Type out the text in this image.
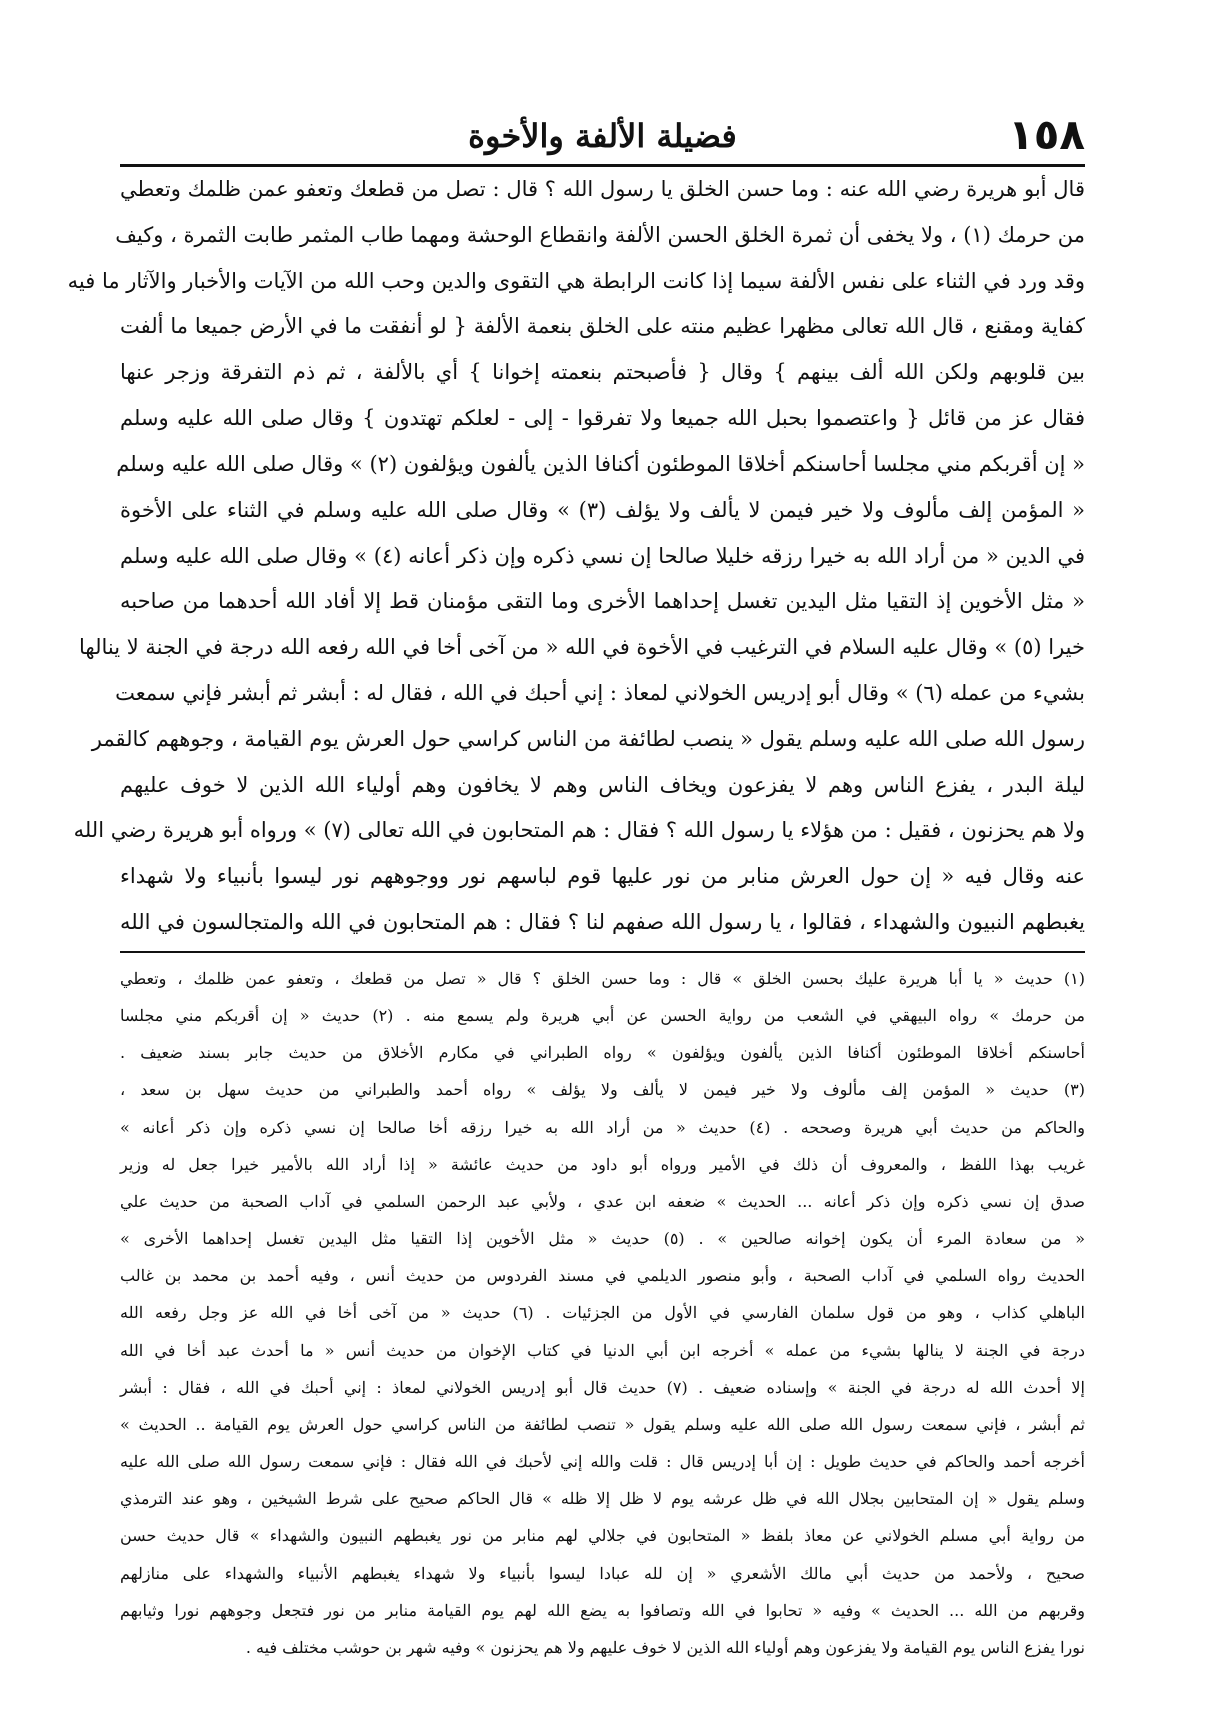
١٥٨
فضيلة الألفة والأخوة
قال أبو هريرة رضي الله عنه : وما حسن الخلق يا رسول الله ؟ قال : تصل من قطعك وتعفو عمن ظلمك وتعطي
من حرمك (١) ، ولا يخفى أن ثمرة الخلق الحسن الألفة وانقطاع الوحشة ومهما طاب المثمر طابت الثمرة ، وكيف
وقد ورد في الثناء على نفس الألفة سيما إذا كانت الرابطة هي التقوى والدين وحب الله من الآيات والأخبار والآثار ما فيه
كفاية ومقنع ، قال الله تعالى مظهرا عظيم منته على الخلق بنعمة الألفة { لو أنفقت ما في الأرض جميعا ما ألفت
بين قلوبهم ولكن الله ألف بينهم } وقال { فأصبحتم بنعمته إخوانا } أي بالألفة ، ثم ذم التفرقة وزجر عنها
فقال عز من قائل { واعتصموا بحبل الله جميعا ولا تفرقوا - إلى - لعلكم تهتدون } وقال صلى الله عليه وسلم
« إن أقربكم مني مجلسا أحاسنكم أخلاقا الموطئون أكنافا الذين يألفون ويؤلفون (٢) » وقال صلى الله عليه وسلم
« المؤمن إلف مألوف ولا خير فيمن لا يألف ولا يؤلف (٣) » وقال صلى الله عليه وسلم في الثناء على الأخوة
في الدين « من أراد الله به خيرا رزقه خليلا صالحا إن نسي ذكره وإن ذكر أعانه (٤) » وقال صلى الله عليه وسلم
« مثل الأخوين إذ التقيا مثل اليدين تغسل إحداهما الأخرى وما التقى مؤمنان قط إلا أفاد الله أحدهما من صاحبه
خيرا (٥) » وقال عليه السلام في الترغيب في الأخوة في الله « من آخى أخا في الله رفعه الله درجة في الجنة لا ينالها
بشيء من عمله (٦) » وقال أبو إدريس الخولاني لمعاذ : إني أحبك في الله ، فقال له : أبشر ثم أبشر فإني سمعت
رسول الله صلى الله عليه وسلم يقول « ينصب لطائفة من الناس كراسي حول العرش يوم القيامة ، وجوههم كالقمر
ليلة البدر ، يفزع الناس وهم لا يفزعون ويخاف الناس وهم لا يخافون وهم أولياء الله الذين لا خوف عليهم
ولا هم يحزنون ، فقيل : من هؤلاء يا رسول الله ؟ فقال : هم المتحابون في الله تعالى (٧) » ورواه أبو هريرة رضي الله
عنه وقال فيه « إن حول العرش منابر من نور عليها قوم لباسهم نور ووجوههم نور ليسوا بأنبياء ولا شهداء
يغبطهم النبيون والشهداء ، فقالوا ، يا رسول الله صفهم لنا ؟ فقال : هم المتحابون في الله والمتجالسون في الله
(١) حديث « يا أبا هريرة عليك بحسن الخلق » قال : وما حسن الخلق ؟ قال « تصل من قطعك ، وتعفو عمن ظلمك ، وتعطي
من حرمك » رواه البيهقي في الشعب من رواية الحسن عن أبي هريرة ولم يسمع منه . (٢) حديث « إن أقربكم مني مجلسا
أحاسنكم أخلاقا الموطئون أكنافا الذين يألفون ويؤلفون » رواه الطبراني في مكارم الأخلاق من حديث جابر بسند ضعيف .
(٣) حديث « المؤمن إلف مألوف ولا خير فيمن لا يألف ولا يؤلف » رواه أحمد والطبراني من حديث سهل بن سعد ،
والحاكم من حديث أبي هريرة وصححه . (٤) حديث « من أراد الله به خيرا رزقه أخا صالحا إن نسي ذكره وإن ذكر أعانه »
غريب بهذا اللفظ ، والمعروف أن ذلك في الأمير ورواه أبو داود من حديث عائشة « إذا أراد الله بالأمير خيرا جعل له وزير
صدق إن نسي ذكره وإن ذكر أعانه ... الحديث » ضعفه ابن عدي ، ولأبي عبد الرحمن السلمي في آداب الصحبة من حديث علي
« من سعادة المرء أن يكون إخوانه صالحين » . (٥) حديث « مثل الأخوين إذا التقيا مثل اليدين تغسل إحداهما الأخرى »
الحديث رواه السلمي في آداب الصحبة ، وأبو منصور الديلمي في مسند الفردوس من حديث أنس ، وفيه أحمد بن محمد بن غالب
الباهلي كذاب ، وهو من قول سلمان الفارسي في الأول من الجزئيات . (٦) حديث « من آخى أخا في الله عز وجل رفعه الله
درجة في الجنة لا ينالها بشيء من عمله » أخرجه ابن أبي الدنيا في كتاب الإخوان من حديث أنس « ما أحدث عبد أخا في الله
إلا أحدث الله له درجة في الجنة » وإسناده ضعيف . (٧) حديث قال أبو إدريس الخولاني لمعاذ : إني أحبك في الله ، فقال : أبشر
ثم أبشر ، فإني سمعت رسول الله صلى الله عليه وسلم يقول « تنصب لطائفة من الناس كراسي حول العرش يوم القيامة .. الحديث »
أخرجه أحمد والحاكم في حديث طويل : إن أبا إدريس قال : قلت والله إني لأحبك في الله فقال : فإني سمعت رسول الله صلى الله عليه
وسلم يقول « إن المتحابين بجلال الله في ظل عرشه يوم لا ظل إلا ظله » قال الحاكم صحيح على شرط الشيخين ، وهو عند الترمذي
من رواية أبي مسلم الخولاني عن معاذ بلفظ « المتحابون في جلالي لهم منابر من نور يغبطهم النبيون والشهداء » قال حديث حسن
صحيح ، ولأحمد من حديث أبي مالك الأشعري « إن لله عبادا ليسوا بأنبياء ولا شهداء يغبطهم الأنبياء والشهداء على منازلهم
وقربهم من الله ... الحديث » وفيه « تحابوا في الله وتصافوا به يضع الله لهم يوم القيامة منابر من نور فتجعل وجوههم نورا وثيابهم
نورا يفزع الناس يوم القيامة ولا يفزعون وهم أولياء الله الذين لا خوف عليهم ولا هم يحزنون » وفيه شهر بن حوشب مختلف فيه .
